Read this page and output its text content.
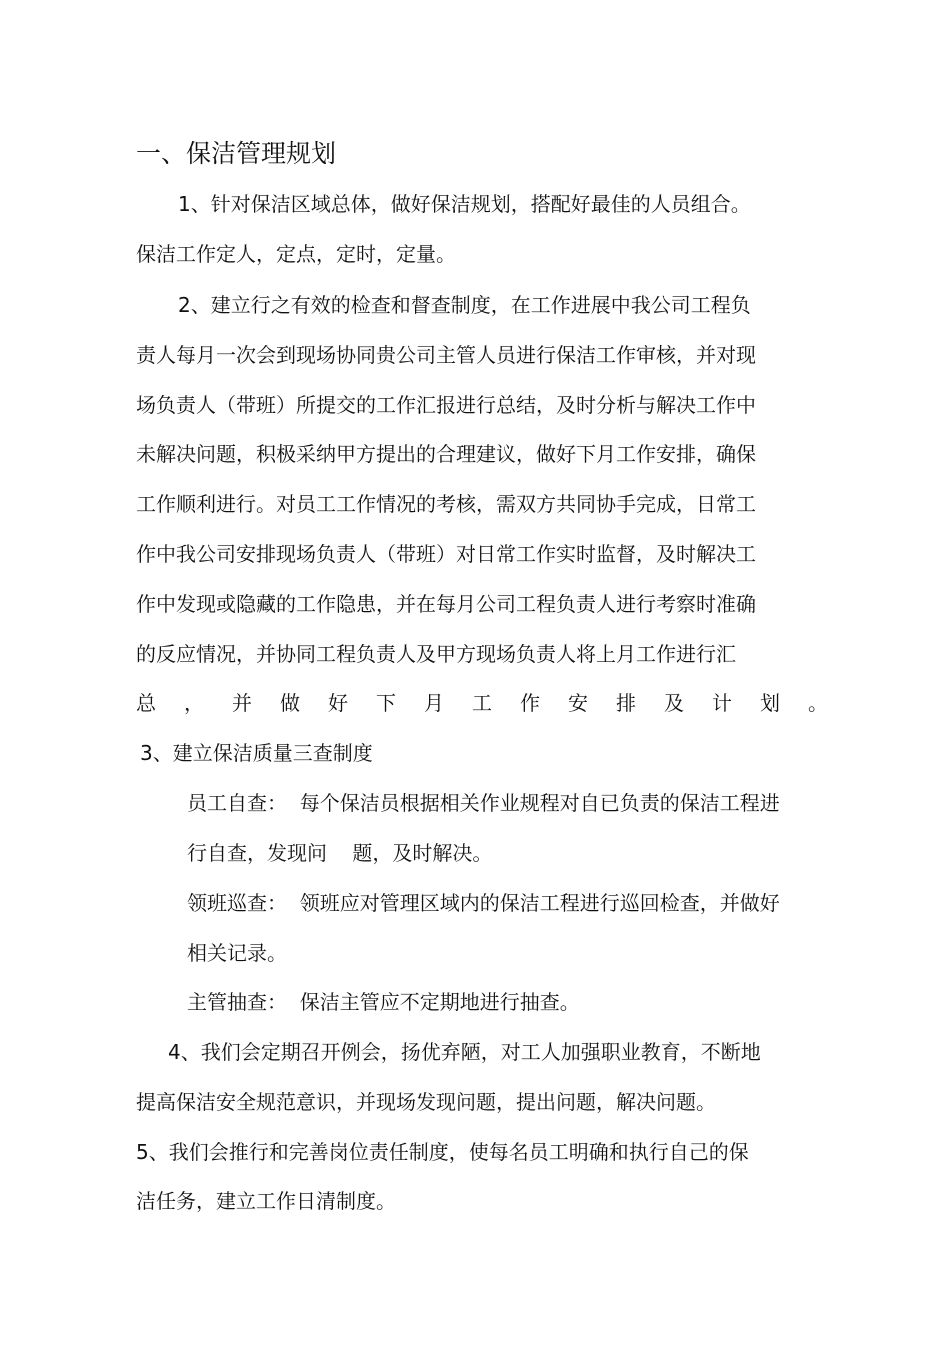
一、保洁管理规划
1、针对保洁区域总体，做好保洁规划，搭配好最佳的人员组合。
保洁工作定人，定点，定时，定量。
2、建立行之有效的检查和督查制度，在工作进展中我公司工程负
责人每月一次会到现场协同贵公司主管人员进行保洁工作审核，并对现
场负责人（带班）所提交的工作汇报进行总结，及时分析与解决工作中
未解决问题，积极采纳甲方提出的合理建议，做好下月工作安排，确保
工作顺利进行。对员工工作情况的考核，需双方共同协手完成，日常工
作中我公司安排现场负责人（带班）对日常工作实时监督，及时解决工
作中发现或隐藏的工作隐患，并在每月公司工程负责人进行考察时准确
的反应情况，并协同工程负责人及甲方现场负责人将上月工作进行汇
总 ， 并 做 好 下 月 工 作 安 排 及 计 划 。
3、建立保洁质量三查制度
员工自查：  每个保洁员根据相关作业规程对自已负责的保洁工程进
行自查，发现问    题，及时解决。
领班巡查：  领班应对管理区域内的保洁工程进行巡回检查，并做好
相关记录。
主管抽查：  保洁主管应不定期地进行抽查。
4、我们会定期召开例会，扬优弃陋，对工人加强职业教育，不断地
提高保洁安全规范意识，并现场发现问题，提出问题，解决问题。
5、我们会推行和完善岗位责任制度，使每名员工明确和执行自己的保
洁任务，建立工作日清制度。
